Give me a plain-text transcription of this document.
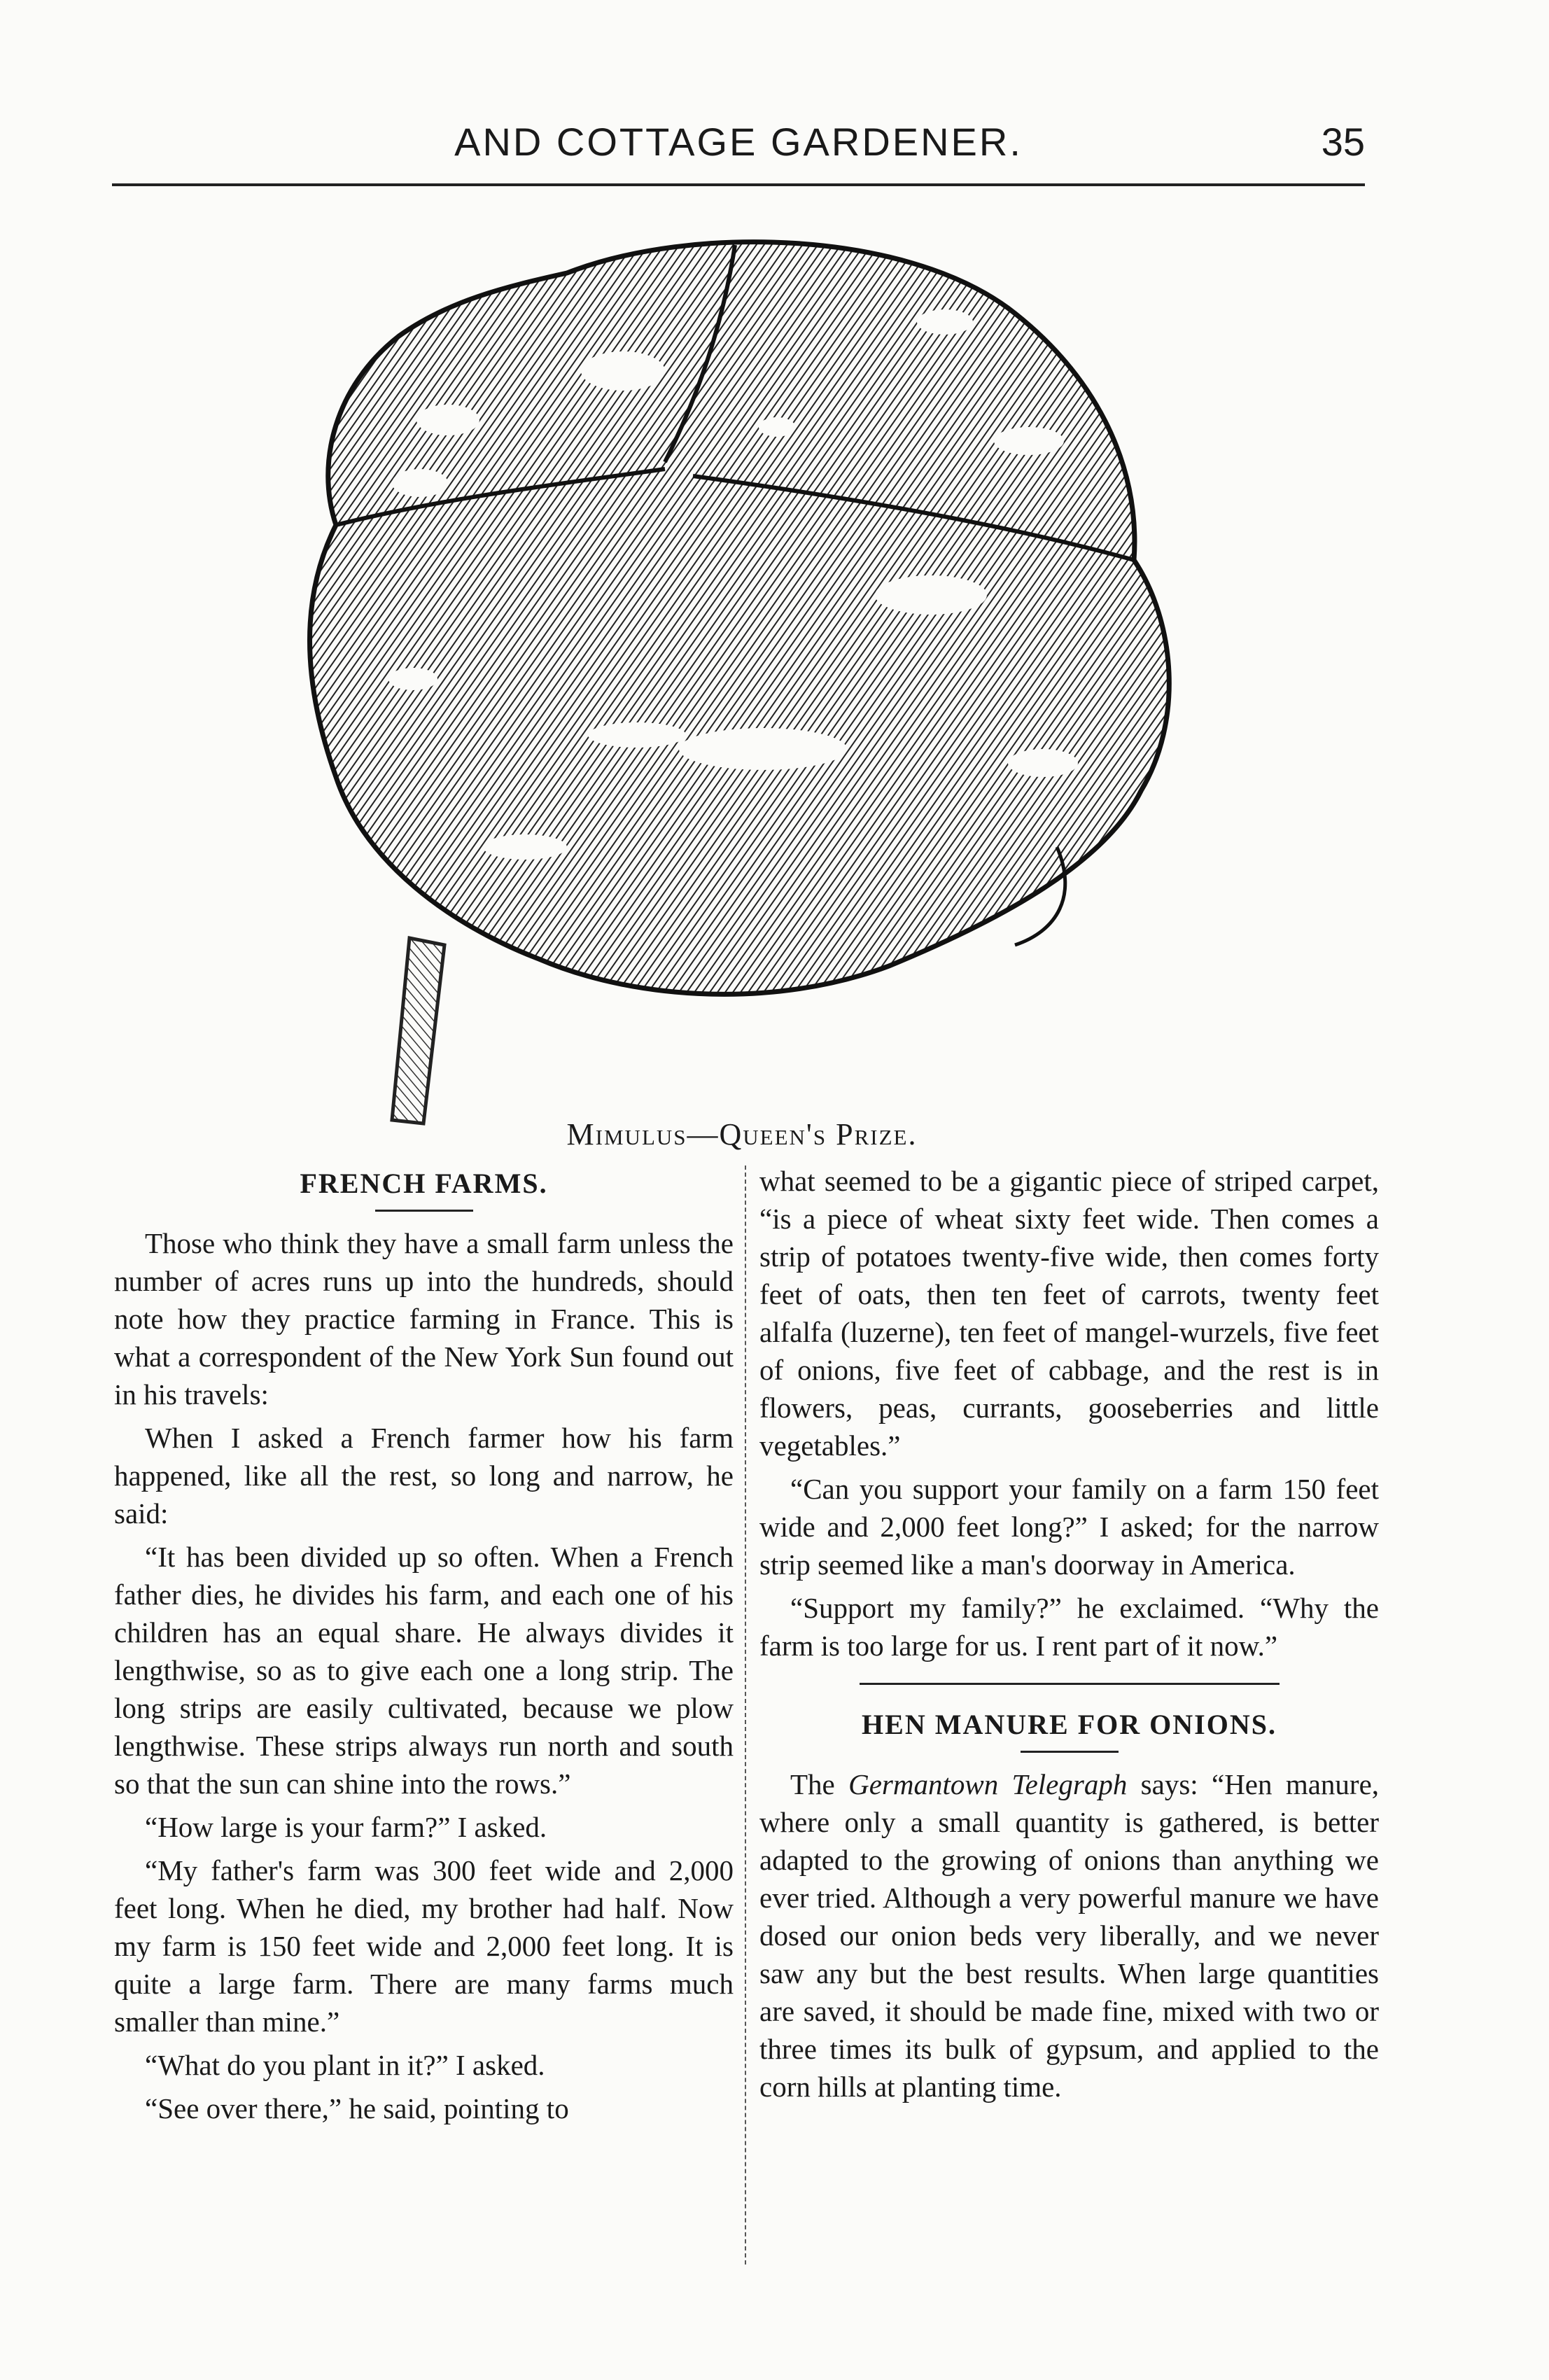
AND COTTAGE GARDENER.	35
Mimulus—Queen's Prize.
FRENCH FARMS.

Those who think they have a small farm unless the number of acres runs up into the hundreds, should note how they practice farming in France. This is what a correspondent of the New York Sun found out in his travels:

When I asked a French farmer how his farm happened, like all the rest, so long and narrow, he said:

“It has been divided up so often. When a French father dies, he divides his farm, and each one of his children has an equal share. He always divides it lengthwise, so as to give each one a long strip. The long strips are easily cultivated, because we plow lengthwise. These strips always run north and south so that the sun can shine into the rows.”

“How large is your farm?” I asked.

“My father's farm was 300 feet wide and 2,000 feet long. When he died, my brother had half. Now my farm is 150 feet wide and 2,000 feet long. It is quite a large farm. There are many farms much smaller than mine.”

“What do you plant in it?” I asked.

“See over there,” he said, pointing to

what seemed to be a gigantic piece of striped carpet, “is a piece of wheat sixty feet wide. Then comes a strip of potatoes twenty-five wide, then comes forty feet of oats, then ten feet of carrots, twenty feet alfalfa (luzerne), ten feet of mangel-wurzels, five feet of onions, five feet of cabbage, and the rest is in flowers, peas, currants, gooseberries and little vegetables.”

“Can you support your family on a farm 150 feet wide and 2,000 feet long?” I asked; for the narrow strip seemed like a man's doorway in America.

“Support my family?” he exclaimed. “Why the farm is too large for us. I rent part of it now.”

HEN MANURE FOR ONIONS.

The Germantown Telegraph says: “Hen manure, where only a small quantity is gathered, is better adapted to the growing of onions than anything we ever tried. Although a very powerful manure we have dosed our onion beds very liberally, and we never saw any but the best results. When large quantities are saved, it should be made fine, mixed with two or three times its bulk of gypsum, and applied to the corn hills at planting time.
